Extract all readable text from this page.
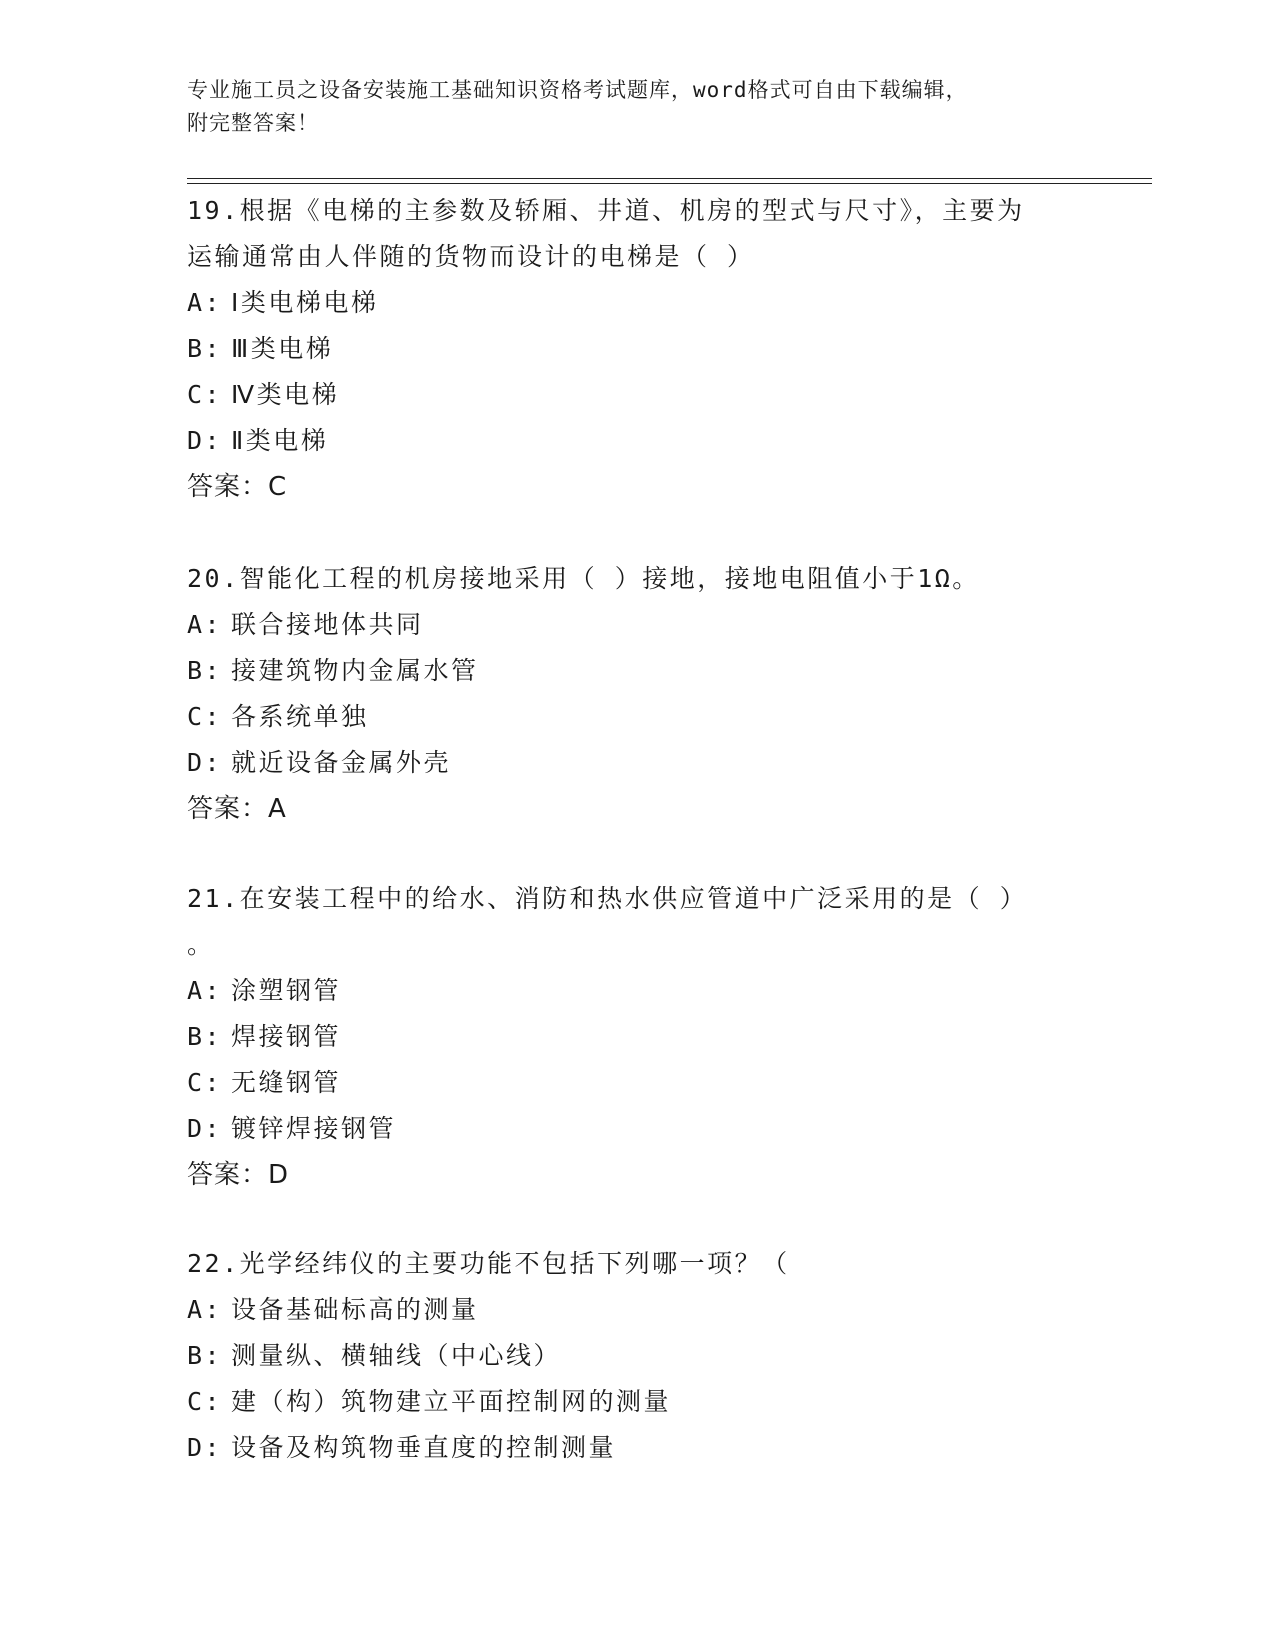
专业施工员之设备安装施工基础知识资格考试题库，word格式可自由下载编辑，
附完整答案！

19.根据《电梯的主参数及轿厢、井道、机房的型式与尺寸》，主要为

运输通常由人伴随的货物而设计的电梯是（ ）

A: Ⅰ类电梯电梯

B: Ⅲ类电梯

C: Ⅳ类电梯

D: Ⅱ类电梯

答案：C

20.智能化工程的机房接地采用（ ）接地，接地电阻值小于1Ω。

A: 联合接地体共同

B: 接建筑物内金属水管

C: 各系统单独

D: 就近设备金属外壳

答案：A

21.在安装工程中的给水、消防和热水供应管道中广泛采用的是（ ）

。

A: 涂塑钢管

B: 焊接钢管

C: 无缝钢管

D: 镀锌焊接钢管

答案：D

22.光学经纬仪的主要功能不包括下列哪一项？（

A: 设备基础标高的测量

B: 测量纵、横轴线（中心线）

C: 建（构）筑物建立平面控制网的测量

D: 设备及构筑物垂直度的控制测量
